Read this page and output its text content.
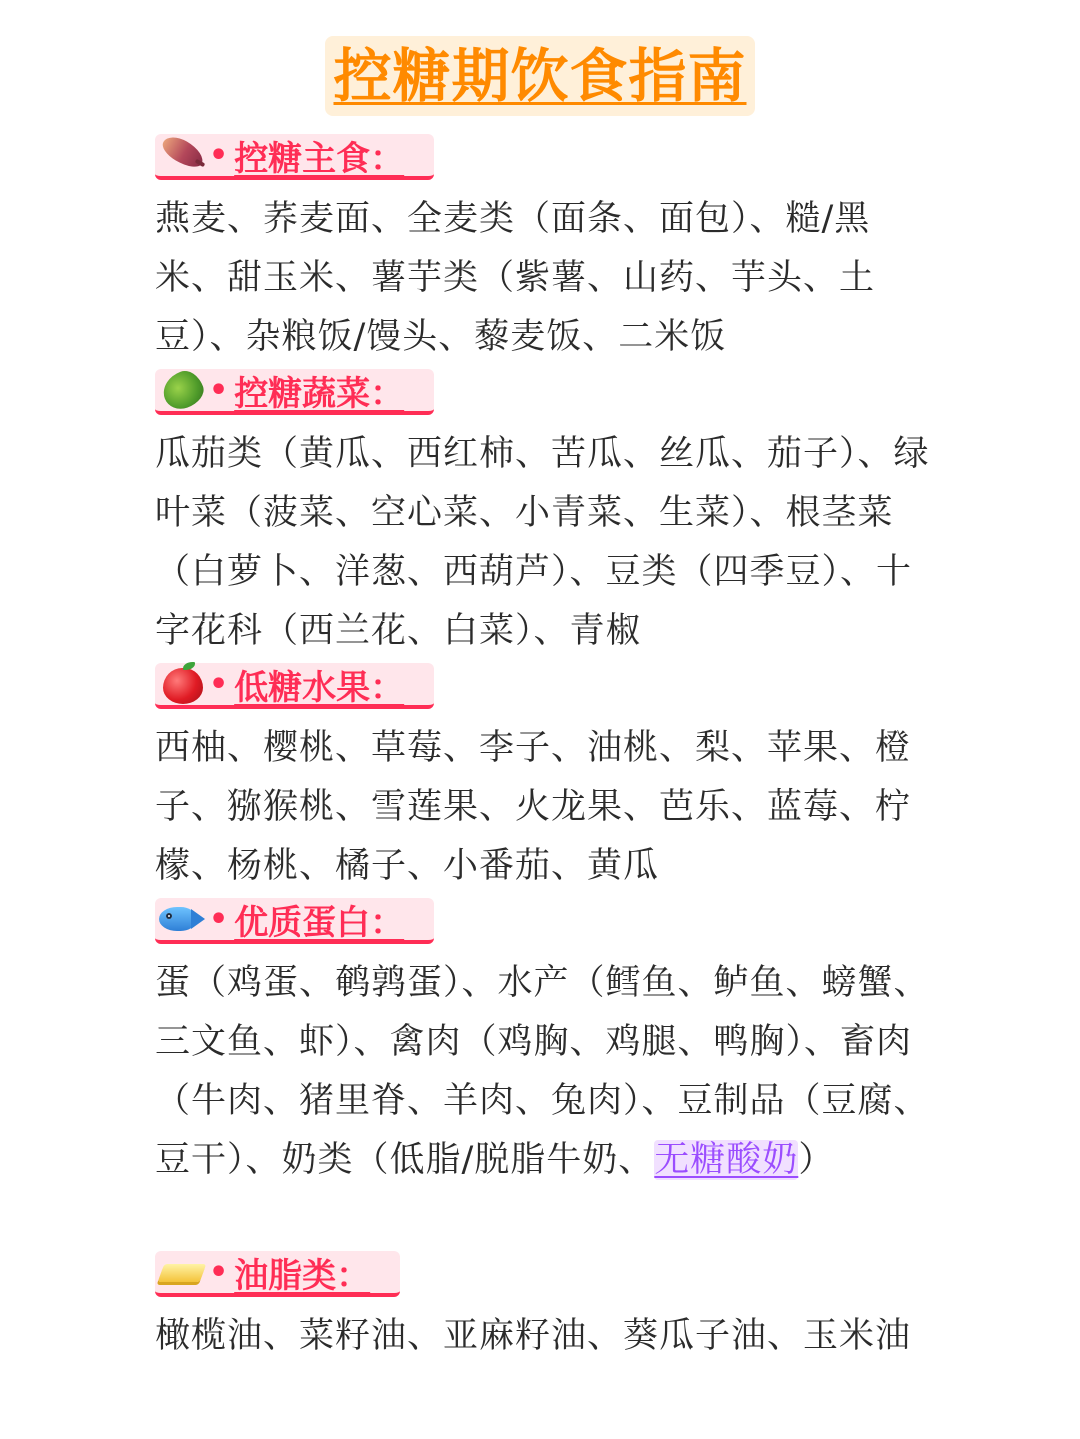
控糖期饮食指南
• 控糖主食：
燕麦、荞麦面、全麦类（面条、面包）、糙/黑米、甜玉米、薯芋类（紫薯、山药、芋头、土豆）、杂粮饭/馒头、藜麦饭、二米饭
• 控糖蔬菜：
瓜茄类（黄瓜、西红柿、苦瓜、丝瓜、茄子）、绿叶菜（菠菜、空心菜、小青菜、生菜）、根茎菜（白萝卜、洋葱、西葫芦）、豆类（四季豆）、十字花科（西兰花、白菜）、青椒
• 低糖水果：
西柚、樱桃、草莓、李子、油桃、梨、苹果、橙子、猕猴桃、雪莲果、火龙果、芭乐、蓝莓、柠檬、杨桃、橘子、小番茄、黄瓜
• 优质蛋白：
蛋（鸡蛋、鹌鹑蛋）、水产（鳕鱼、鲈鱼、螃蟹、三文鱼、虾）、禽肉（鸡胸、鸡腿、鸭胸）、畜肉（牛肉、猪里脊、羊肉、兔肉）、豆制品（豆腐、豆干）、奶类（低脂/脱脂牛奶、无糖酸奶）
• 油脂类：
橄榄油、菜籽油、亚麻籽油、葵瓜子油、玉米油
